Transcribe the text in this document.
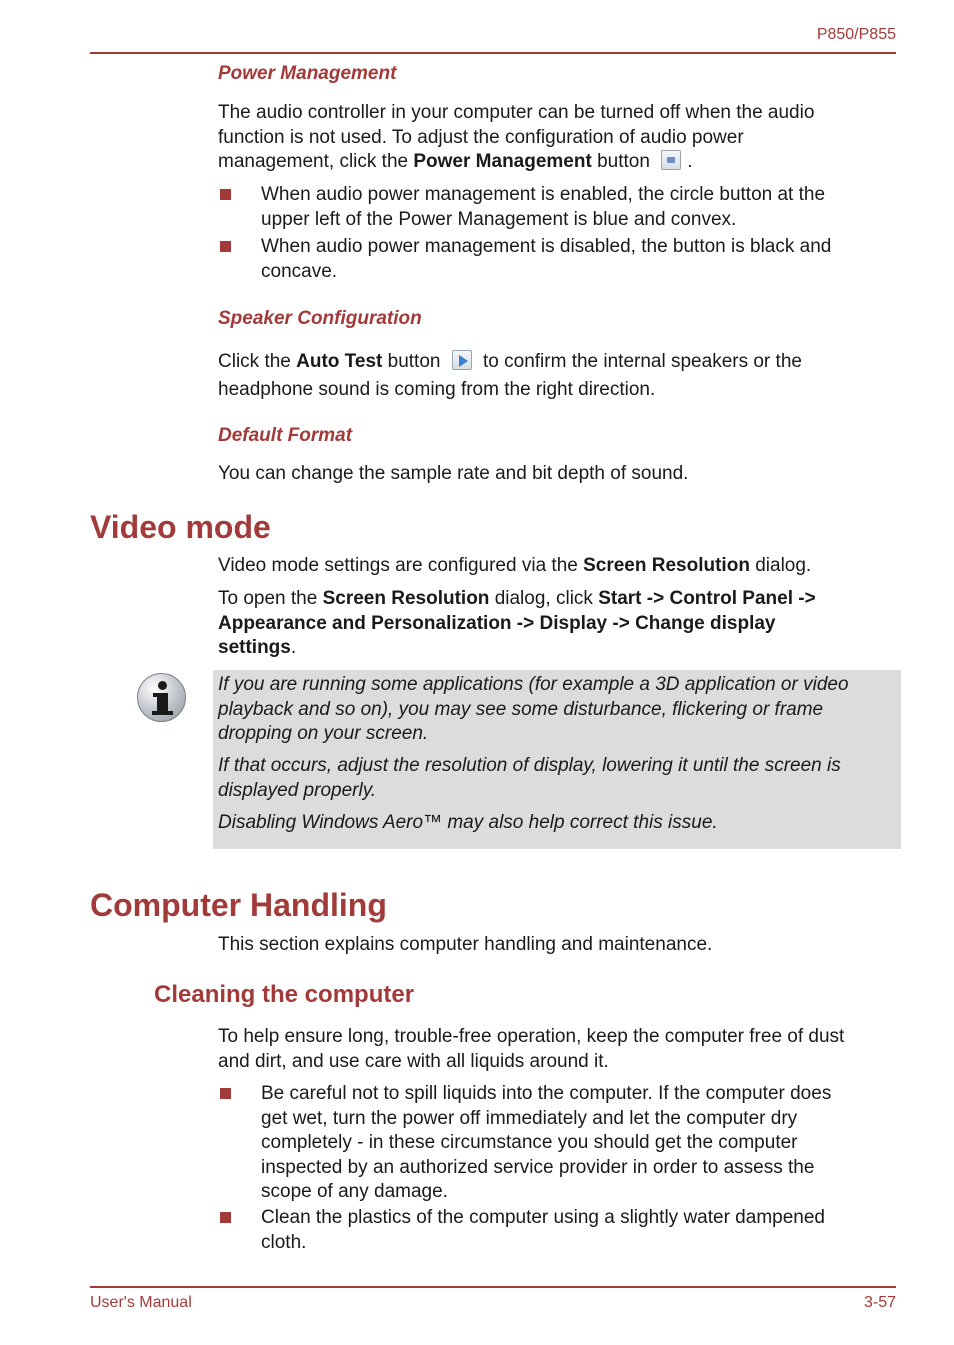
P850/P855
Power Management
The audio controller in your computer can be turned off when the audio
function is not used. To adjust the configuration of audio power
management, click the Power Management button .
When audio power management is enabled, the circle button at the
upper left of the Power Management is blue and convex.
When audio power management is disabled, the button is black and
concave.
Speaker Configuration
Click the Auto Test button  to confirm the internal speakers or the
headphone sound is coming from the right direction.
Default Format
You can change the sample rate and bit depth of sound.
Video mode
Video mode settings are configured via the Screen Resolution dialog.
To open the Screen Resolution dialog, click Start -> Control Panel ->
Appearance and Personalization -> Display -> Change display
settings.
If you are running some applications (for example a 3D application or video
playback and so on), you may see some disturbance, flickering or frame
dropping on your screen.
If that occurs, adjust the resolution of display, lowering it until the screen is
displayed properly.
Disabling Windows Aero™ may also help correct this issue.
Computer Handling
This section explains computer handling and maintenance.
Cleaning the computer
To help ensure long, trouble-free operation, keep the computer free of dust
and dirt, and use care with all liquids around it.
Be careful not to spill liquids into the computer. If the computer does
get wet, turn the power off immediately and let the computer dry
completely - in these circumstance you should get the computer
inspected by an authorized service provider in order to assess the
scope of any damage.
Clean the plastics of the computer using a slightly water dampened
cloth.
User's Manual	3-57
